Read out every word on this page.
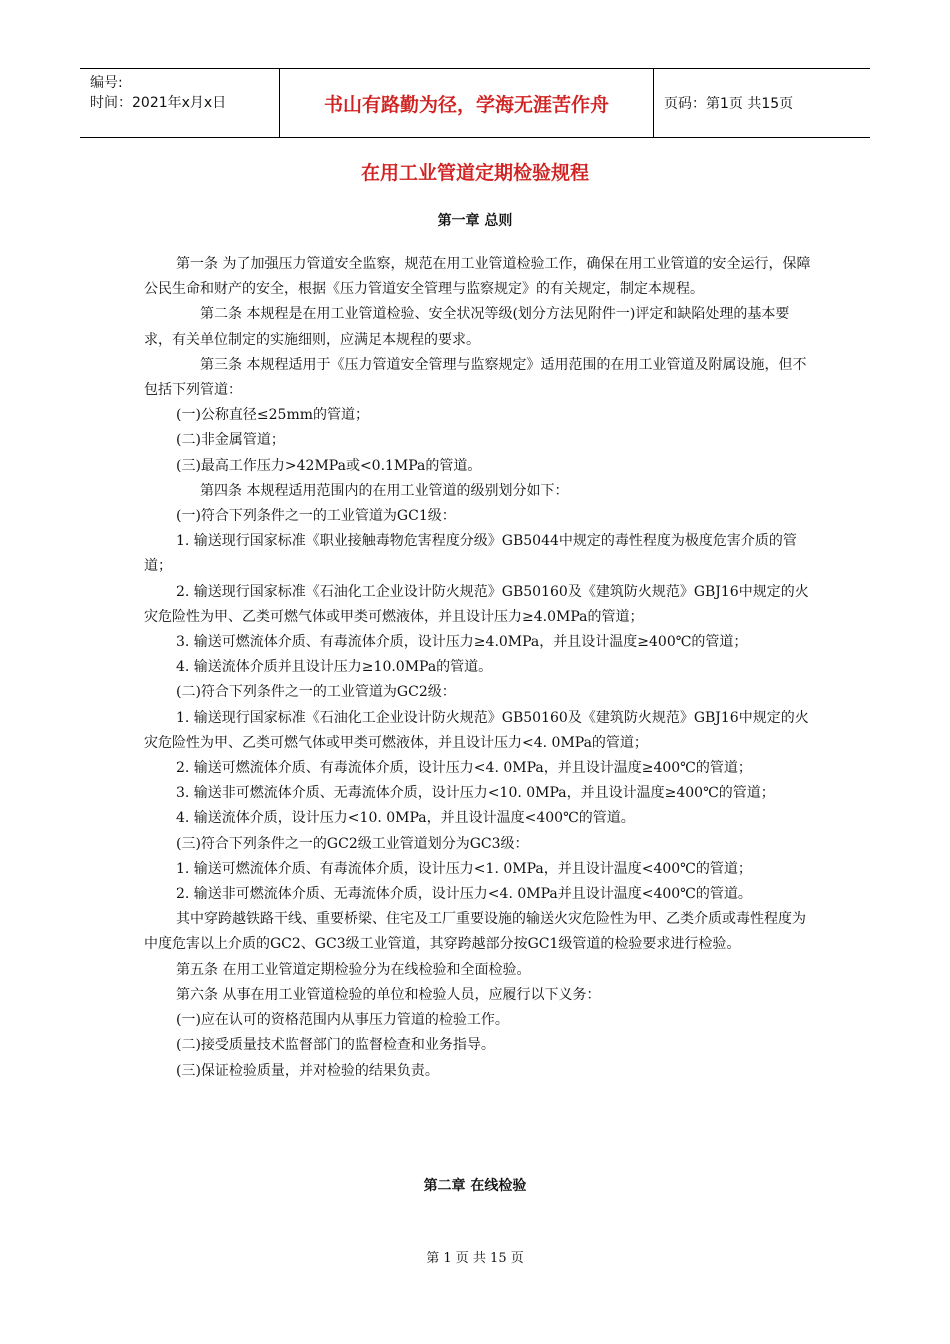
编号:
时间：2021年x月x日	书山有路勤为径，学海无涯苦作舟	页码：第1页 共15页
在用工业管道定期检验规程
第一章 总则

第一条 为了加强压力管道安全监察，规范在用工业管道检验工作，确保在用工业管道的安全运行，保障公民生命和财产的安全，根据《压力管道安全管理与监察规定》的有关规定，制定本规程。

第二条 本规程是在用工业管道检验、安全状况等级(划分方法见附件一)评定和缺陷处理的基本要求，有关单位制定的实施细则，应满足本规程的要求。

第三条 本规程适用于《压力管道安全管理与监察规定》适用范围的在用工业管道及附属设施，但不包括下列管道：

(一)公称直径≤25mm的管道；

(二)非金属管道；

(三)最高工作压力>42MPa或<0.1MPa的管道。

第四条 本规程适用范围内的在用工业管道的级别划分如下：

(一)符合下列条件之一的工业管道为GC1级：

1. 输送现行国家标准《职业接触毒物危害程度分级》GB5044中规定的毒性程度为极度危害介质的管道；

2. 输送现行国家标准《石油化工企业设计防火规范》GB50160及《建筑防火规范》GBJ16中规定的火灾危险性为甲、乙类可燃气体或甲类可燃液体，并且设计压力≥4.0MPa的管道；

3. 输送可燃流体介质、有毒流体介质，设计压力≥4.0MPa，并且设计温度≥400℃的管道；

4. 输送流体介质并且设计压力≥10.0MPa的管道。

(二)符合下列条件之一的工业管道为GC2级：

1. 输送现行国家标准《石油化工企业设计防火规范》GB50160及《建筑防火规范》GBJ16中规定的火灾危险性为甲、乙类可燃气体或甲类可燃液体，并且设计压力<4. 0MPa的管道；

2. 输送可燃流体介质、有毒流体介质，设计压力<4. 0MPa，并且设计温度≥400℃的管道；

3. 输送非可燃流体介质、无毒流体介质，设计压力<10. 0MPa，并且设计温度≥400℃的管道；

4. 输送流体介质，设计压力<10. 0MPa，并且设计温度<400℃的管道。

(三)符合下列条件之一的GC2级工业管道划分为GC3级：

1. 输送可燃流体介质、有毒流体介质，设计压力<1. 0MPa，并且设计温度<400℃的管道；

2. 输送非可燃流体介质、无毒流体介质，设计压力<4. 0MPa并且设计温度<400℃的管道。

其中穿跨越铁路干线、重要桥梁、住宅及工厂重要设施的输送火灾危险性为甲、乙类介质或毒性程度为中度危害以上介质的GC2、GC3级工业管道，其穿跨越部分按GC1级管道的检验要求进行检验。

第五条 在用工业管道定期检验分为在线检验和全面检验。

第六条 从事在用工业管道检验的单位和检验人员，应履行以下义务：

(一)应在认可的资格范围内从事压力管道的检验工作。

(二)接受质量技术监督部门的监督检查和业务指导。

(三)保证检验质量，并对检验的结果负责。

第二章 在线检验
第 1 页 共 15 页
